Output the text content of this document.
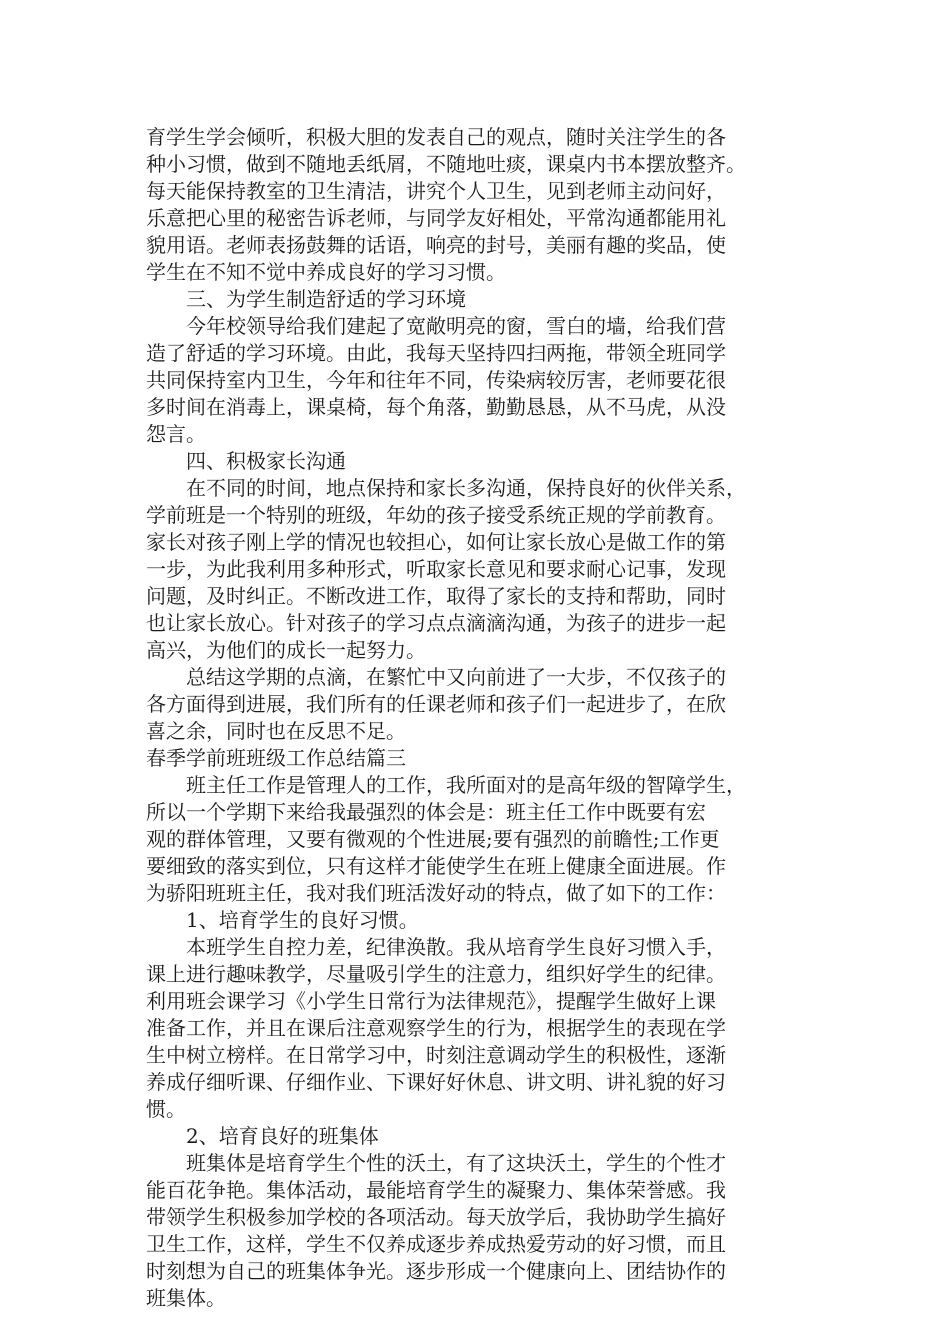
育学生学会倾听，积极大胆的发表自己的观点，随时关注学生的各
种小习惯，做到不随地丢纸屑，不随地吐痰，课桌内书本摆放整齐。
每天能保持教室的卫生清洁，讲究个人卫生，见到老师主动问好，
乐意把心里的秘密告诉老师，与同学友好相处，平常沟通都能用礼
貌用语。老师表扬鼓舞的话语，响亮的封号，美丽有趣的奖品，使
学生在不知不觉中养成良好的学习习惯。
三、为学生制造舒适的学习环境
今年校领导给我们建起了宽敞明亮的窗，雪白的墙，给我们营
造了舒适的学习环境。由此，我每天坚持四扫两拖，带领全班同学
共同保持室内卫生，今年和往年不同，传染病较厉害，老师要花很
多时间在消毒上，课桌椅，每个角落，勤勤恳恳，从不马虎，从没
怨言。
四、积极家长沟通
在不同的时间，地点保持和家长多沟通，保持良好的伙伴关系，
学前班是一个特别的班级，年幼的孩子接受系统正规的学前教育。
家长对孩子刚上学的情况也较担心，如何让家长放心是做工作的第
一步，为此我利用多种形式，听取家长意见和要求耐心记事，发现
问题，及时纠正。不断改进工作，取得了家长的支持和帮助，同时
也让家长放心。针对孩子的学习点点滴滴沟通，为孩子的进步一起
高兴，为他们的成长一起努力。
总结这学期的点滴，在繁忙中又向前进了一大步，不仅孩子的
各方面得到进展，我们所有的任课老师和孩子们一起进步了，在欣
喜之余，同时也在反思不足。
春季学前班班级工作总结篇三
班主任工作是管理人的工作，我所面对的是高年级的智障学生，
所以一个学期下来给我最强烈的体会是：班主任工作中既要有宏
观的群体管理，又要有微观的个性进展;要有强烈的前瞻性;工作更
要细致的落实到位，只有这样才能使学生在班上健康全面进展。作
为骄阳班班主任，我对我们班活泼好动的特点，做了如下的工作：
1、培育学生的良好习惯。
本班学生自控力差，纪律涣散。我从培育学生良好习惯入手，
课上进行趣味教学，尽量吸引学生的注意力，组织好学生的纪律。
利用班会课学习《小学生日常行为法律规范》，提醒学生做好上课
准备工作，并且在课后注意观察学生的行为，根据学生的表现在学
生中树立榜样。在日常学习中，时刻注意调动学生的积极性，逐渐
养成仔细听课、仔细作业、下课好好休息、讲文明、讲礼貌的好习
惯。
2、培育良好的班集体
班集体是培育学生个性的沃土，有了这块沃土，学生的个性才
能百花争艳。集体活动，最能培育学生的凝聚力、集体荣誉感。我
带领学生积极参加学校的各项活动。每天放学后，我协助学生搞好
卫生工作，这样，学生不仅养成逐步养成热爱劳动的好习惯，而且
时刻想为自己的班集体争光。逐步形成一个健康向上、团结协作的
班集体。
